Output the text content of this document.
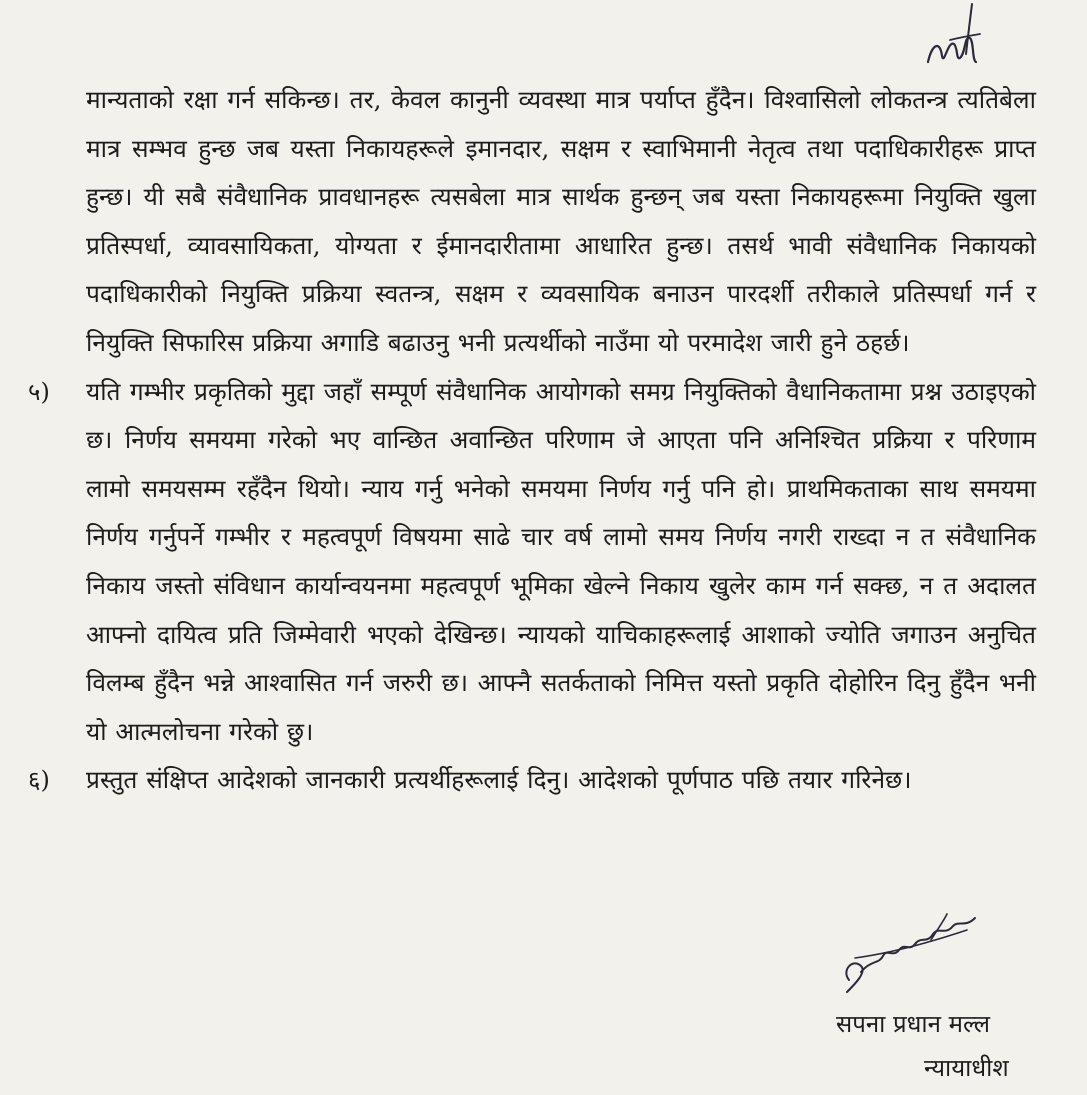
मान्यताको रक्षा गर्न सकिन्छ। तर, केवल कानुनी व्यवस्था मात्र पर्याप्त हुँदैन। विश्वासिलो लोकतन्त्र त्यतिबेला मात्र सम्भव हुन्छ जब यस्ता निकायहरूले इमानदार, सक्षम र स्वाभिमानी नेतृत्व तथा पदाधिकारीहरू प्राप्त हुन्छ। यी सबै संवैधानिक प्रावधानहरू त्यसबेला मात्र सार्थक हुन्छन् जब यस्ता निकायहरूमा नियुक्ति खुला प्रतिस्पर्धा, व्यावसायिकता, योग्यता र ईमानदारीतामा आधारित हुन्छ। तसर्थ भावी संवैधानिक निकायको पदाधिकारीको नियुक्ति प्रक्रिया स्वतन्त्र, सक्षम र व्यवसायिक बनाउन पारदर्शी तरीकाले प्रतिस्पर्धा गर्न र नियुक्ति सिफारिस प्रक्रिया अगाडि बढाउनु भनी प्रत्यर्थीको नाउँमा यो परमादेश जारी हुने ठहर्छ।

५) यति गम्भीर प्रकृतिको मुद्दा जहाँ सम्पूर्ण संवैधानिक आयोगको समग्र नियुक्तिको वैधानिकतामा प्रश्न उठाइएको छ। निर्णय समयमा गरेको भए वान्छित अवान्छित परिणाम जे आएता पनि अनिश्चित प्रक्रिया र परिणाम लामो समयसम्म रहँदैन थियो। न्याय गर्नु भनेको समयमा निर्णय गर्नु पनि हो। प्राथमिकताका साथ समयमा निर्णय गर्नुपर्ने गम्भीर र महत्वपूर्ण विषयमा साढे चार वर्ष लामो समय निर्णय नगरी राख्दा न त संवैधानिक निकाय जस्तो संविधान कार्यान्वयनमा महत्वपूर्ण भूमिका खेल्ने निकाय खुलेर काम गर्न सक्छ, न त अदालत आफ्नो दायित्व प्रति जिम्मेवारी भएको देखिन्छ। न्यायको याचिकाहरूलाई आशाको ज्योति जगाउन अनुचित विलम्ब हुँदैन भन्ने आश्वासित गर्न जरुरी छ। आफ्नै सतर्कताको निमित्त यस्तो प्रकृति दोहोरिन दिनु हुँदैन भनी यो आत्मलोचना गरेको छु।

६) प्रस्तुत संक्षिप्त आदेशको जानकारी प्रत्यर्थीहरूलाई दिनु। आदेशको पूर्णपाठ पछि तयार गरिनेछ।

सपना प्रधान मल्ल
न्यायाधीश
